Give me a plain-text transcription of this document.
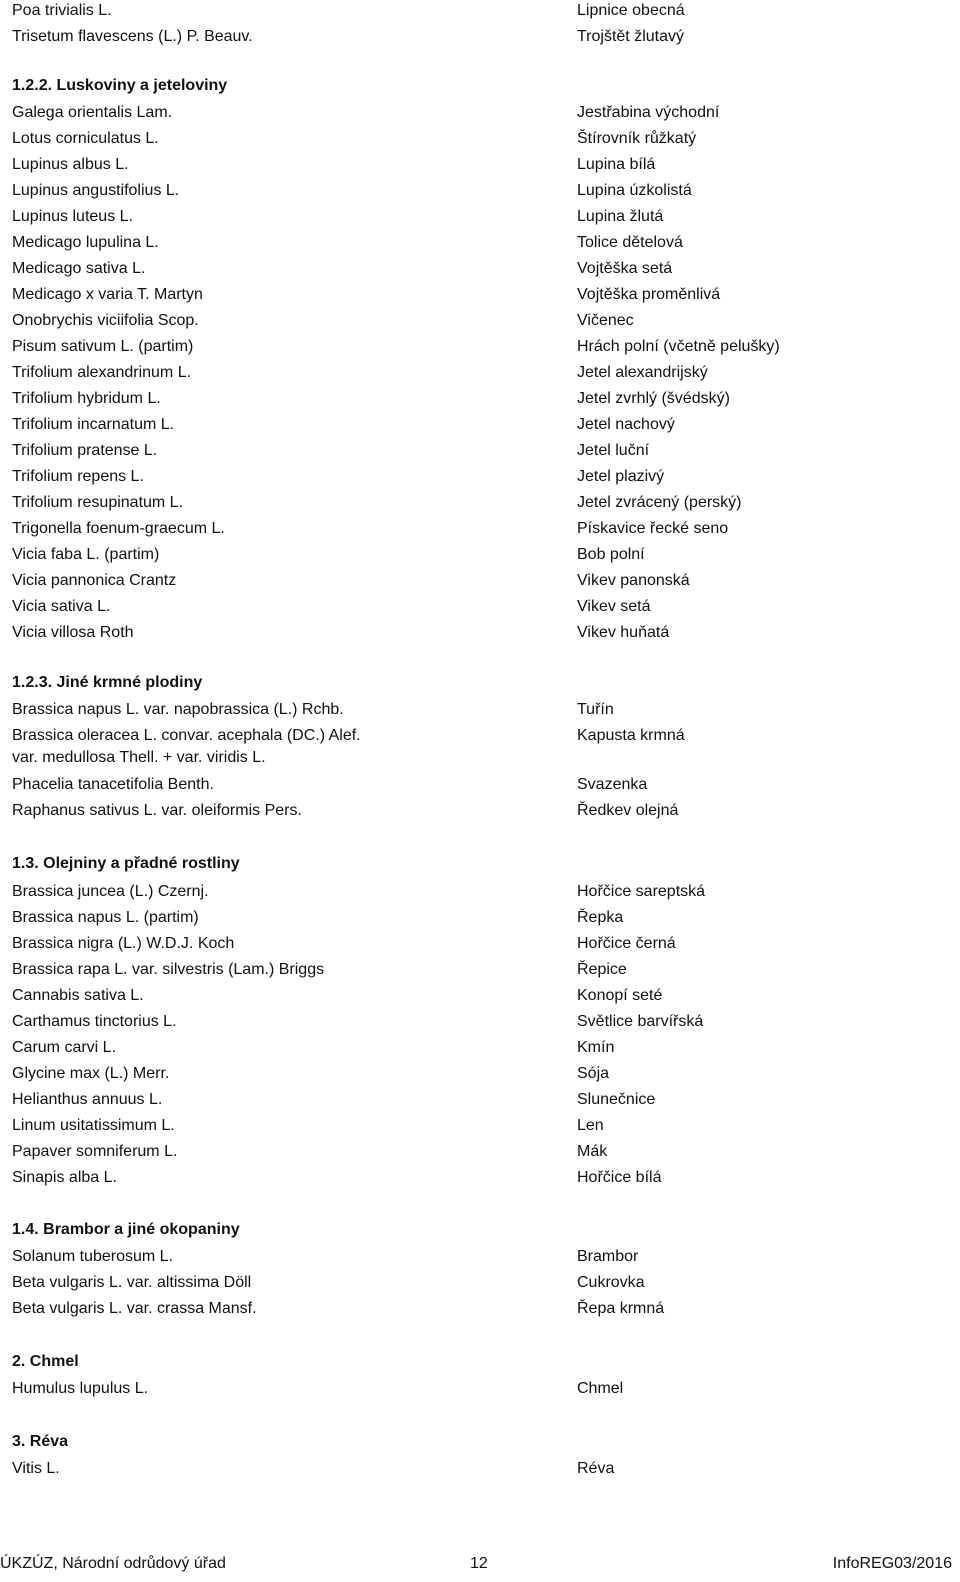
Poa trivialis L.	Lipnice obecná
Trisetum flavescens (L.) P. Beauv.	Trojštět žlutavý
1.2.2. Luskoviny a jeteloviny
Galega orientalis Lam.	Jestřabina východní
Lotus corniculatus L.	Štírovník růžkatý
Lupinus albus L.	Lupina bílá
Lupinus angustifolius L.	Lupina úzkolistá
Lupinus luteus L.	Lupina žlutá
Medicago lupulina L.	Tolice dětelová
Medicago sativa L.	Vojtěška setá
Medicago x varia T. Martyn	Vojtěška proměnlivá
Onobrychis viciifolia Scop.	Vičenec
Pisum sativum L. (partim)	Hrách polní (včetně pelušky)
Trifolium alexandrinum L.	Jetel alexandrijský
Trifolium hybridum L.	Jetel zvrhlý (švédský)
Trifolium incarnatum L.	Jetel nachový
Trifolium pratense L.	Jetel luční
Trifolium repens L.	Jetel plazivý
Trifolium resupinatum L.	Jetel zvrácený (perský)
Trigonella foenum-graecum L.	Pískavice řecké seno
Vicia faba L. (partim)	Bob polní
Vicia pannonica Crantz	Vikev panonská
Vicia sativa L.	Vikev setá
Vicia villosa Roth	Vikev huňatá
1.2.3. Jiné krmné plodiny
Brassica napus L. var. napobrassica (L.) Rchb.	Tuřín
Brassica oleracea L. convar. acephala (DC.) Alef.	Kapusta krmná
var. medullosa Thell. + var. viridis L.
Phacelia tanacetifolia Benth.	Svazenka
Raphanus sativus L. var. oleiformis Pers.	Ředkev olejná
1.3. Olejniny a přadné rostliny
Brassica juncea (L.) Czernj.	Hořčice sareptská
Brassica napus L. (partim)	Řepka
Brassica nigra (L.) W.D.J. Koch	Hořčice černá
Brassica rapa L. var. silvestris (Lam.) Briggs	Řepice
Cannabis sativa L.	Konopí seté
Carthamus tinctorius L.	Světlice barvířská
Carum carvi L.	Kmín
Glycine max (L.) Merr.	Sója
Helianthus annuus L.	Slunečnice
Linum usitatissimum L.	Len
Papaver somniferum L.	Mák
Sinapis alba L.	Hořčice bílá
1.4. Brambor a jiné okopaniny
Solanum tuberosum L.	Brambor
Beta vulgaris L. var. altissima Döll	Cukrovka
Beta vulgaris L. var. crassa Mansf.	Řepa krmná
2. Chmel
Humulus lupulus L.	Chmel
3. Réva
Vitis L.	Réva
ÚKZÚZ, Národní odrůdový úřad	12	InfoREG03/2016
